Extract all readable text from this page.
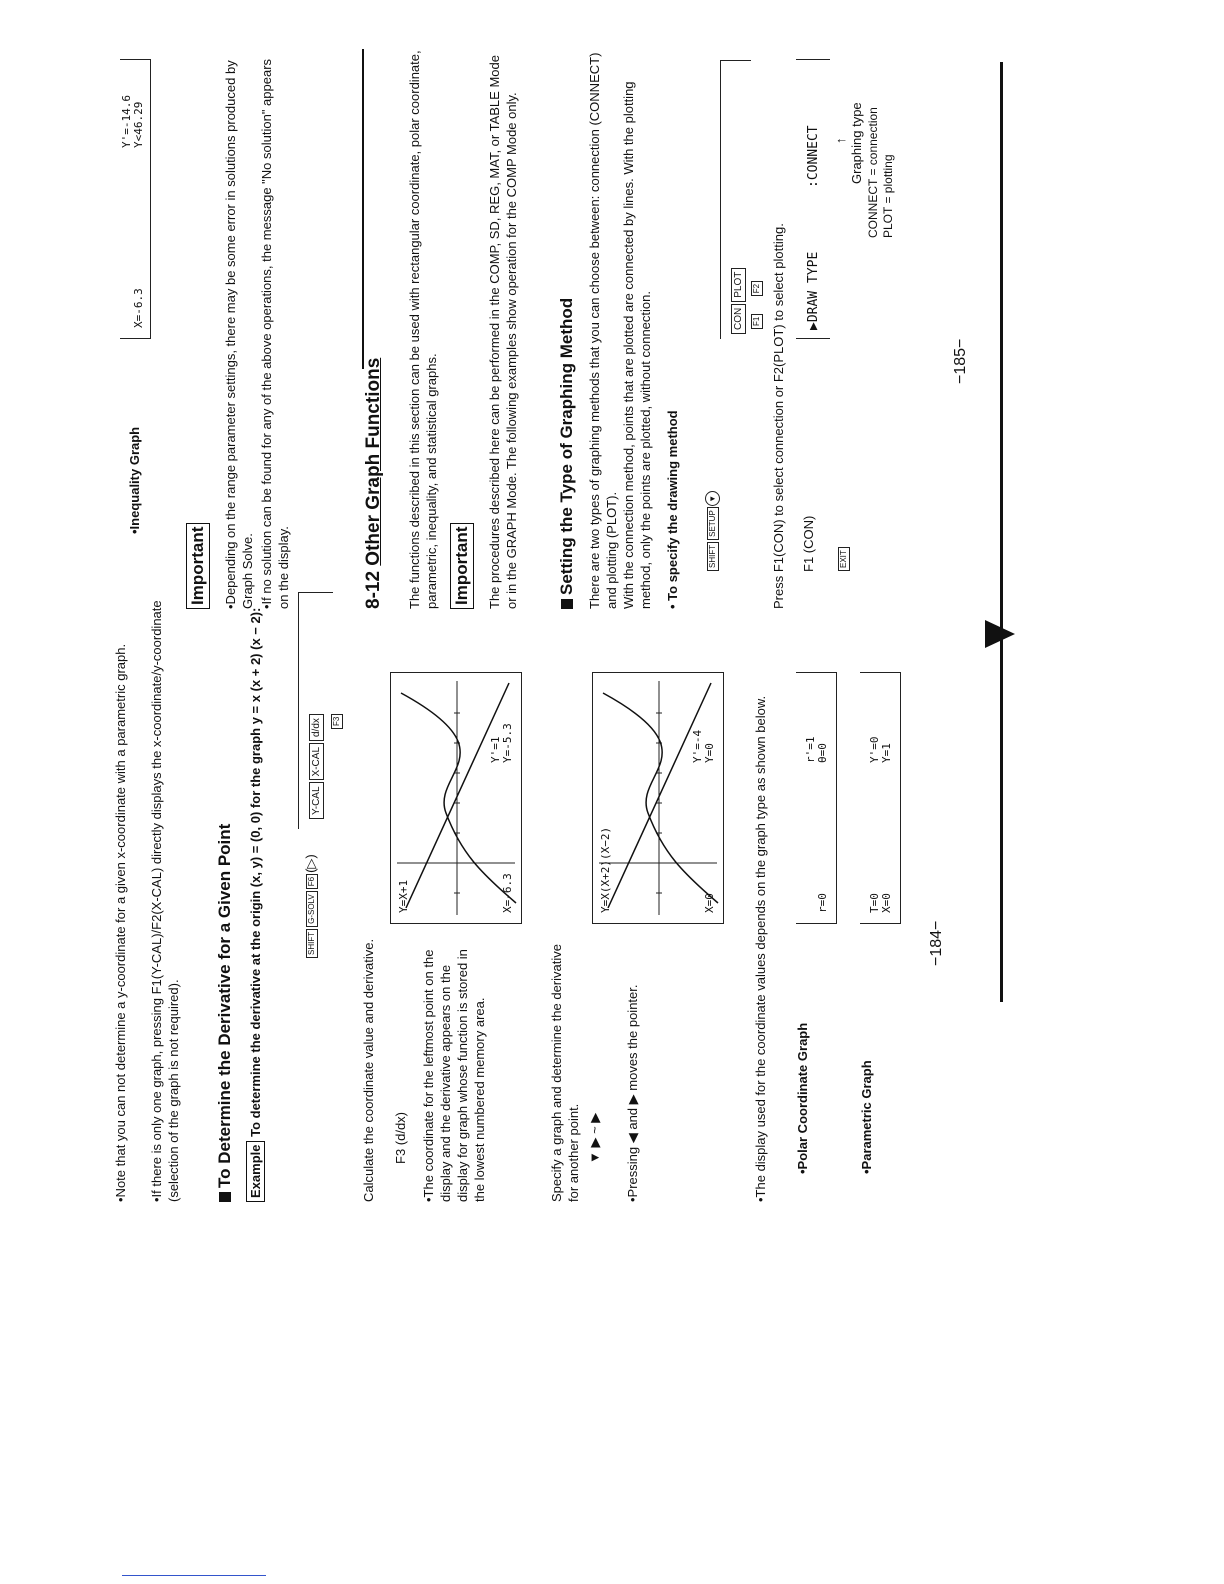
•Note that you can not determine a y-coordinate for a given x-coordinate with a parametric graph. •If there is only one graph, pressing F1(Y-CAL)/F2(X-CAL) directly displays the x-coordinate/y-coordinate (selection of the graph is not required). To Determine the Derivative for a Given Point Example To determine the derivative at the origin (x, y) = (0, 0) for the graph y = x (x + 2) (x − 2):	SHIFTG-SOLVF6(▷)
Y-CALX-CALd/dx	F3
Calculate the coordinate value and derivative. F3 (d/dx) •The coordinate for the leftmost point on the display and the derivative appears on the display for graph whose function is stored in the lowest numbered memory area.
Y=X+1	X=-6.3
Y'=1 Y=-5.3
Specify a graph and determine the derivative for another point. ▼ ▶ ~ ▶ •Pressing ◀ and ▶ moves the pointer.
Y=X(X+2)(X−2)	X=0
Y'=-4 Y=0	•The display used for the coordinate values depends on the graph type as shown below. •Polar Coordinate Graph
r=0
r'=1 θ=0
•Parametric Graph
T=0 X=0
Y'=0 Y=1
−184−
•Inequality Graph
X=-6.3
Y'=-14.6 Y<46.29
Important •Depending on the range parameter settings, there may be some error in solutions produced by Graph Solve. •If no solution can be found for any of the above operations, the message "No solution" appears on the display.	8-12 Other Graph Functions The functions described in this section can be used with rectangular coordinate, polar coordinate, parametric, inequality, and statistical graphs. Important The procedures described here can be performed in the COMP, SD, REG, MAT, or TABLE Mode or in the GRAPH Mode. The following examples show operation for the COMP Mode only. Setting the Type of Graphing Method There are two types of graphing methods that you can choose between: connection (CONNECT) and plotting (PLOT). With the connection method, points that are plotted are connected by lines. With the plotting method, only the points are plotted, without connection. • To specify the drawing method	SHIFTSETUP▼
CONPLOT
F1 F2 Press F1(CON) to select connection or F2(PLOT) to select plotting. F1 (CON)	EXIT
▶DRAW TYPE
:CONNECT ↑ Graphing type CONNECT = connection PLOT = plotting
−185−
